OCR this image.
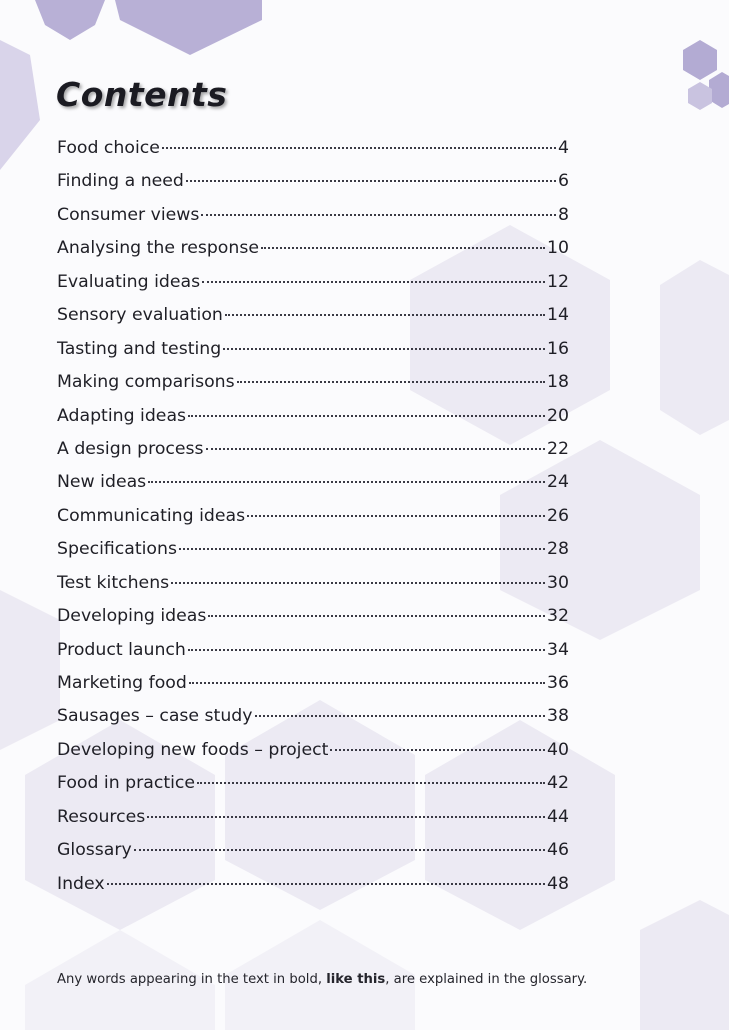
Contents
Food choice	4
Finding a need	6
Consumer views	8
Analysing the response	10
Evaluating ideas	12
Sensory evaluation	14
Tasting and testing	16
Making comparisons	18
Adapting ideas	20
A design process	22
New ideas	24
Communicating ideas	26
Specifications	28
Test kitchens	30
Developing ideas	32
Product launch	34
Marketing food	36
Sausages – case study	38
Developing new foods – project	40
Food in practice	42
Resources	44
Glossary	46
Index	48
Any words appearing in the text in bold, like this, are explained in the glossary.
